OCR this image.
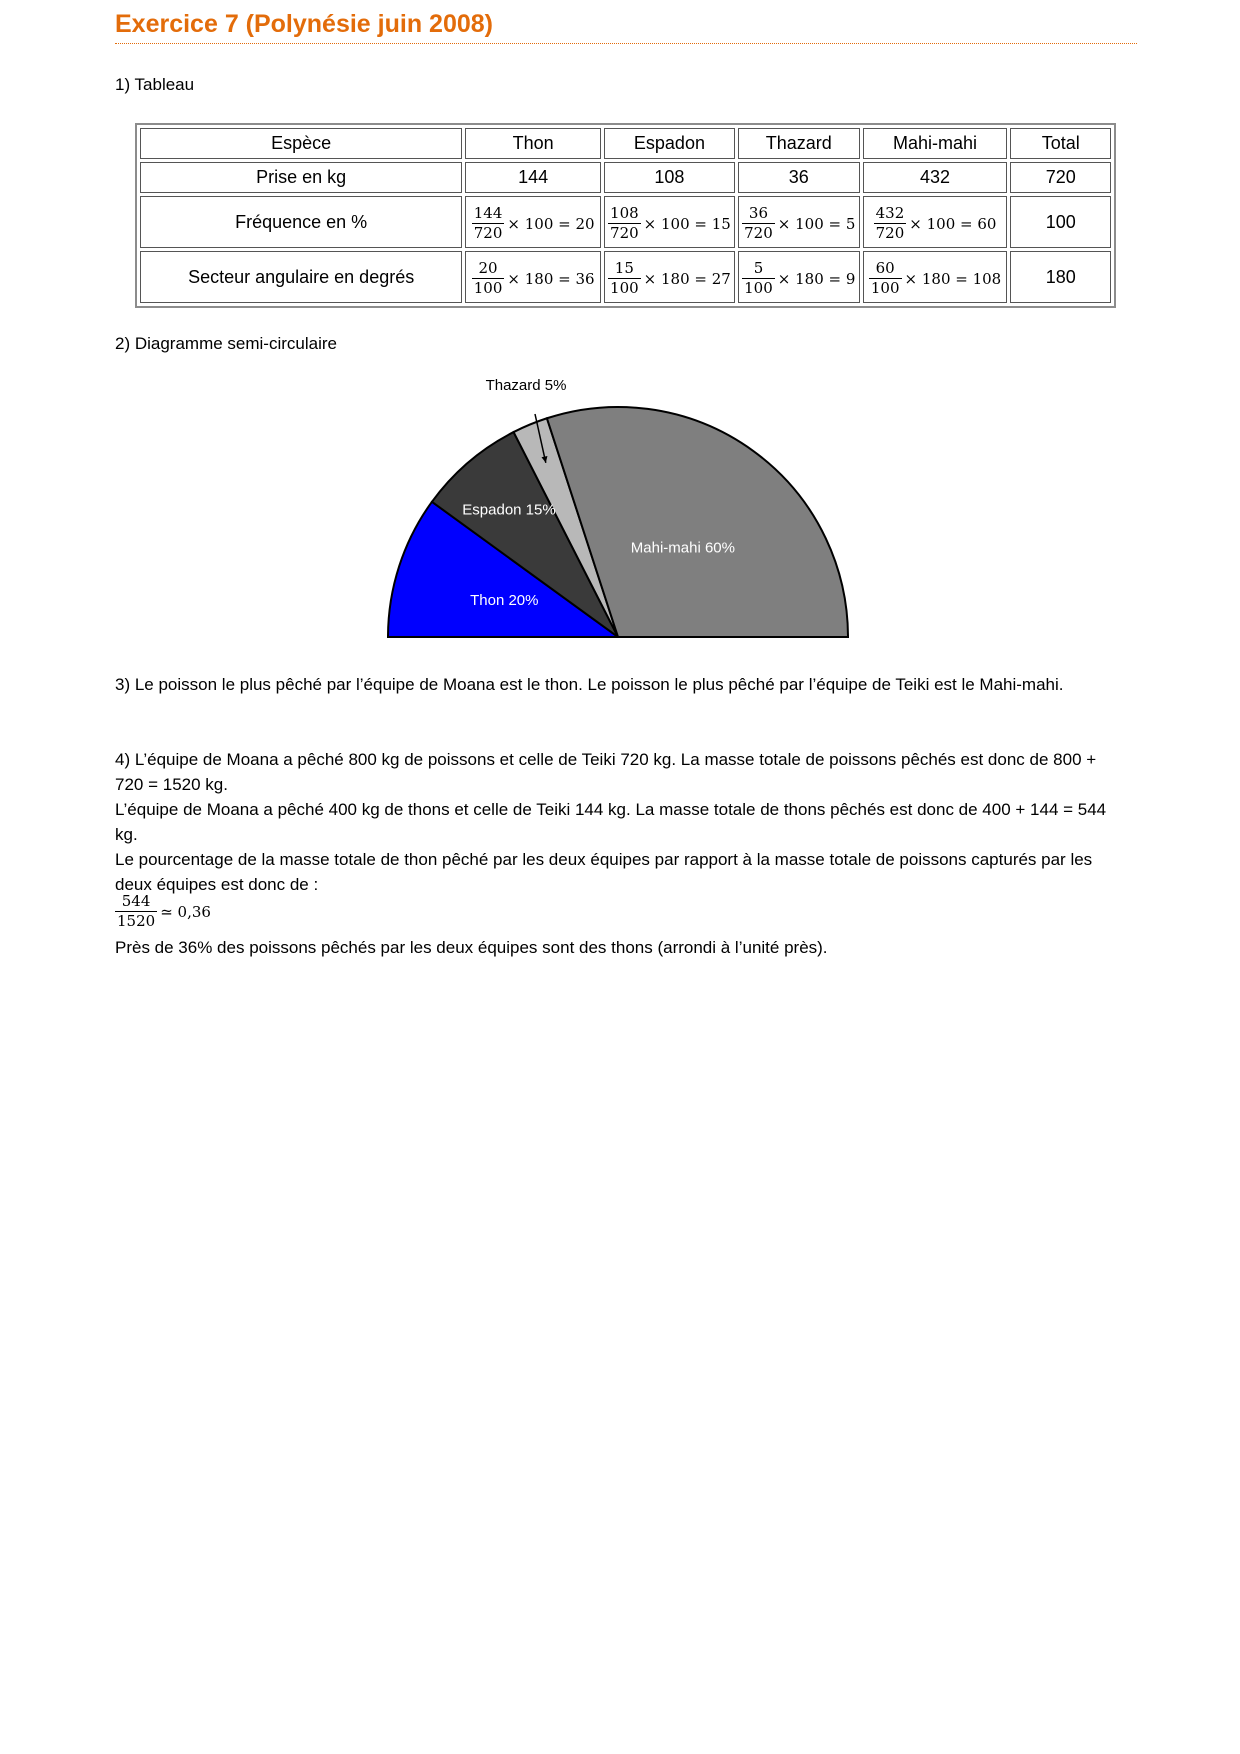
Exercice 7 (Polynésie juin 2008)
1) Tableau
Espèce	Thon	Espadon	Thazard	Mahi-mahi	Total
Prise en kg	144	108	36	432	720
Fréquence en %	$\frac{144}{720} \times 100 = 20$	$\frac{108}{720} \times 100 = 15$	$\frac{36}{720} \times 100 = 5$	$\frac{432}{720} \times 100 = 60$	100
Secteur angulaire en degrés	$\frac{20}{100} \times 180 = 36$	$\frac{15}{100} \times 180 = 27$	$\frac{5}{100} \times 180 = 9$	$\frac{60}{100} \times 180 = 108$	180
2) Diagramme semi-circulaire
Thon 20%
Espadon 15%
Thazard 5%
Mahi-mahi 60%

3) Le poisson le plus pêché par l’équipe de Moana est le thon. Le poisson le plus pêché par l’équipe de Teiki est le Mahi-mahi.

4) L’équipe de Moana a pêché 800 kg de poissons et celle de Teiki 720 kg. La masse totale de poissons pêchés est donc de 800 + 720 = 1520 kg.

L’équipe de Moana a pêché 400 kg de thons et celle de Teiki 144 kg. La masse totale de thons pêchés est donc de 400 + 144 = 544 kg.

Le pourcentage de la masse totale de thon pêché par les deux équipes par rapport à la masse totale de poissons capturés par les deux équipes est donc de :

$\frac{544}{1520}$ ≃ 0,36

Près de 36% des poissons pêchés par les deux équipes sont des thons (arrondi à l’unité près).
